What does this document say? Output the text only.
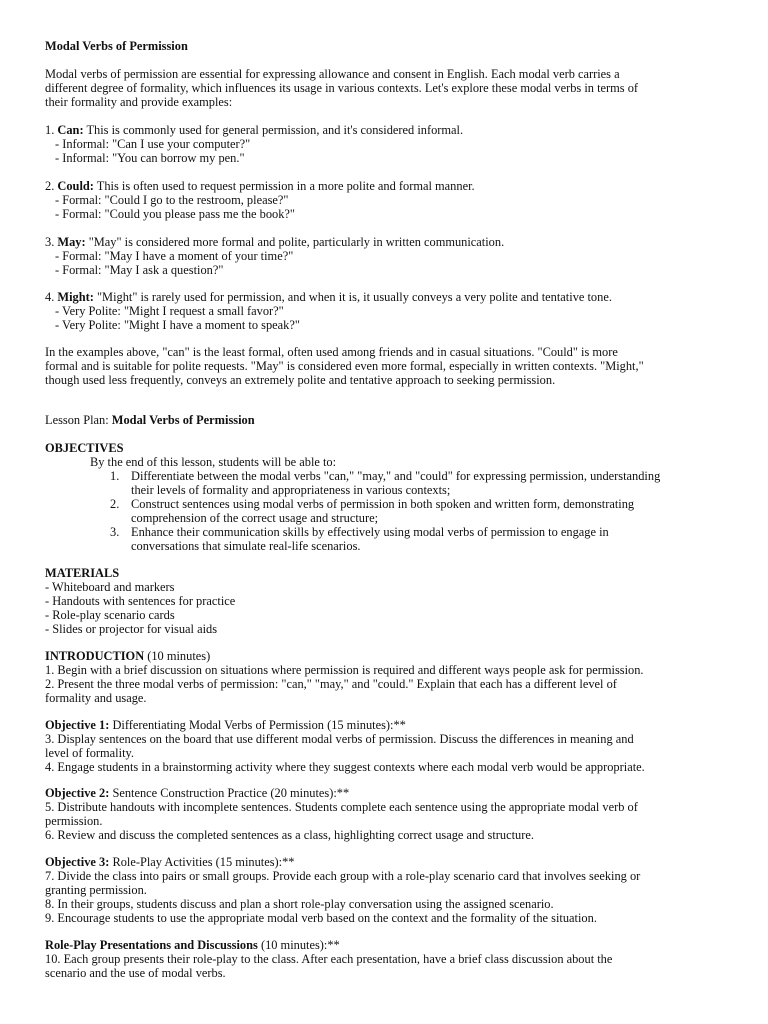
Modal Verbs of Permission
Modal verbs of permission are essential for expressing allowance and consent in English. Each modal verb carries a
different degree of formality, which influences its usage in various contexts. Let's explore these modal verbs in terms of
their formality and provide examples:
1. Can: This is commonly used for general permission, and it's considered informal.
- Informal: "Can I use your computer?"
- Informal: "You can borrow my pen."
2. Could: This is often used to request permission in a more polite and formal manner.
- Formal: "Could I go to the restroom, please?"
- Formal: "Could you please pass me the book?"
3. May: "May" is considered more formal and polite, particularly in written communication.
- Formal: "May I have a moment of your time?"
- Formal: "May I ask a question?"
4. Might: "Might" is rarely used for permission, and when it is, it usually conveys a very polite and tentative tone.
- Very Polite: "Might I request a small favor?"
- Very Polite: "Might I have a moment to speak?"
In the examples above, "can" is the least formal, often used among friends and in casual situations. "Could" is more
formal and is suitable for polite requests. "May" is considered even more formal, especially in written contexts. "Might,"
though used less frequently, conveys an extremely polite and tentative approach to seeking permission.
Lesson Plan: Modal Verbs of Permission
OBJECTIVES
By the end of this lesson, students will be able to:
1. Differentiate between the modal verbs "can," "may," and "could" for expressing permission, understanding
their levels of formality and appropriateness in various contexts;
2. Construct sentences using modal verbs of permission in both spoken and written form, demonstrating
comprehension of the correct usage and structure;
3. Enhance their communication skills by effectively using modal verbs of permission to engage in
conversations that simulate real-life scenarios.
MATERIALS
- Whiteboard and markers
- Handouts with sentences for practice
- Role-play scenario cards
- Slides or projector for visual aids
INTRODUCTION (10 minutes)
1. Begin with a brief discussion on situations where permission is required and different ways people ask for permission.
2. Present the three modal verbs of permission: "can," "may," and "could." Explain that each has a different level of
formality and usage.
Objective 1: Differentiating Modal Verbs of Permission (15 minutes):**
3. Display sentences on the board that use different modal verbs of permission. Discuss the differences in meaning and
level of formality.
4. Engage students in a brainstorming activity where they suggest contexts where each modal verb would be appropriate.
Objective 2: Sentence Construction Practice (20 minutes):**
5. Distribute handouts with incomplete sentences. Students complete each sentence using the appropriate modal verb of
permission.
6. Review and discuss the completed sentences as a class, highlighting correct usage and structure.
Objective 3: Role-Play Activities (15 minutes):**
7. Divide the class into pairs or small groups. Provide each group with a role-play scenario card that involves seeking or
granting permission.
8. In their groups, students discuss and plan a short role-play conversation using the assigned scenario.
9. Encourage students to use the appropriate modal verb based on the context and the formality of the situation.
Role-Play Presentations and Discussions (10 minutes):**
10. Each group presents their role-play to the class. After each presentation, have a brief class discussion about the
scenario and the use of modal verbs.
